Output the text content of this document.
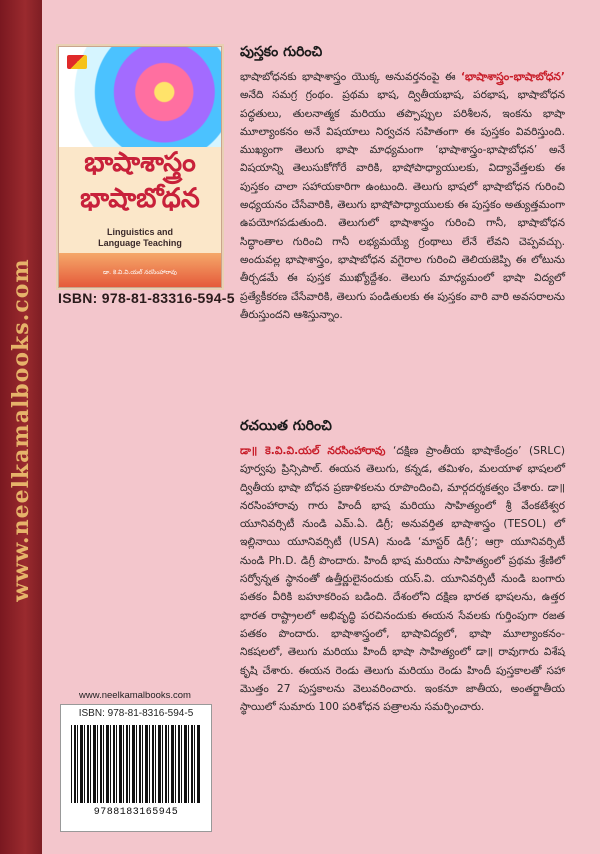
www.neelkamalbooks.com
భాషాశాస్త్రం
భాషాబోధన
Linguistics and
Language Teaching
డా. కె.వి.వి.యల్ నరసింహారావు
ISBN: 978-81-83316-594-5
పుస్తకం గురించి
భాషాబోధనకు భాషాశాస్త్రం యొక్క అనువర్తనంపై ఈ ‘భాషాశాస్త్రం-భాషాబోధన’ అనేది సమగ్ర గ్రంథం. ప్రథమ భాష, ద్వితీయభాష, పరభాష, భాషాబోధన పద్ధతులు, తులనాత్మక మరియు తప్పొప్పుల పరిశీలన, ఇంకను భాషా మూల్యాంకనం అనే విషయాలు నిర్వచన సహితంగా ఈ పుస్తకం వివరిస్తుంది. ముఖ్యంగా తెలుగు భాషా మాధ్యమంగా ‘భాషాశాస్త్రం-భాషాబోధన’ అనే విషయాన్ని తెలుసుకోగోరే వారికి, భాషోపాధ్యాయులకు, విద్యావేత్తలకు ఈ పుస్తకం చాలా సహాయకారిగా ఉంటుంది. తెలుగు భాషలో భాషాబోధన గురించి అధ్యయనం చేసేవారికి, తెలుగు భాషోపాధ్యాయులకు ఈ పుస్తకం అత్యుత్తమంగా ఉపయోగపడుతుంది. తెలుగులో భాషాశాస్త్రం గురించి గానీ, భాషాబోధన సిద్ధాంతాల గురించి గానీ లభ్యమయ్యే గ్రంథాలు లేనే లేవని చెప్పవచ్చు. అందువల్ల భాషాశాస్త్రం, భాషాబోధన వగైరాల గురించి తెలియజెప్పి ఈ లోటును తీర్చడమే ఈ పుస్తక ముఖ్యోద్దేశం. తెలుగు మాధ్యమంలో భాషా విద్యలో ప్రత్యేకీకరణ చేసేవారికి, తెలుగు పండితులకు ఈ పుస్తకం వారి వారి అవసరాలను తీరుస్తుందని ఆశిస్తున్నాం.
రచయిత గురించి
డా॥ కె.వి.వి.యల్ నరసింహారావు ‘దక్షిణ ప్రాంతీయ భాషాకేంద్రం’ (SRLC) పూర్వపు ప్రిన్సిపాల్. ఈయన తెలుగు, కన్నడ, తమిళం, మలయాళ భాషలలో ద్వితీయ భాషా బోధన ప్రణాళికలను రూపొందించి, మార్గదర్శకత్వం చేశారు. డా॥ నరసింహారావు గారు హిందీ భాష మరియు సాహిత్యంలో శ్రీ వేంకటేశ్వర యూనివర్సిటీ నుండి ఎమ్.ఏ. డిగ్రీ; అనువర్తిత భాషాశాస్త్రం (TESOL) లో ఇల్లినాయి యూనివర్సిటీ (USA) నుండి ‘మాస్టర్ డిగ్రీ’; ఆగ్రా యూనివర్సిటీ నుండి Ph.D. డిగ్రీ పొందారు. హిందీ భాష మరియు సాహిత్యంలో ప్రథమ శ్రేణిలో సర్వోన్నత స్థానంతో ఉత్తీర్ణులైనందుకు యస్.వి. యూనివర్సిటీ నుండి బంగారు పతకం వీరికి బహూకరింప బడింది. దేశంలోని దక్షిణ భారత భాషలను, ఉత్తర భారత రాష్ట్రాలలో అభివృద్ధి పరచినందుకు ఈయన సేవలకు గుర్తింపుగా రజత పతకం పొందారు. భాషాశాస్త్రంలో, భాషావిద్యలో, భాషా మూల్యాంకనం-నికషలలో, తెలుగు మరియు హిందీ భాషా సాహిత్యంలో డా॥ రావుగారు విశేష కృషి చేశారు. ఈయన రెండు తెలుగు మరియు రెండు హిందీ పుస్తకాలతో సహా మొత్తం 27 పుస్తకాలను వెలువరించారు. ఇంకనూ జాతీయ, అంతర్జాతీయ స్థాయిలో సుమారు 100 పరిశోధన పత్రాలను సమర్పించారు.
www.neelkamalbooks.com
ISBN: 978-81-8316-594-5
9788183165945
